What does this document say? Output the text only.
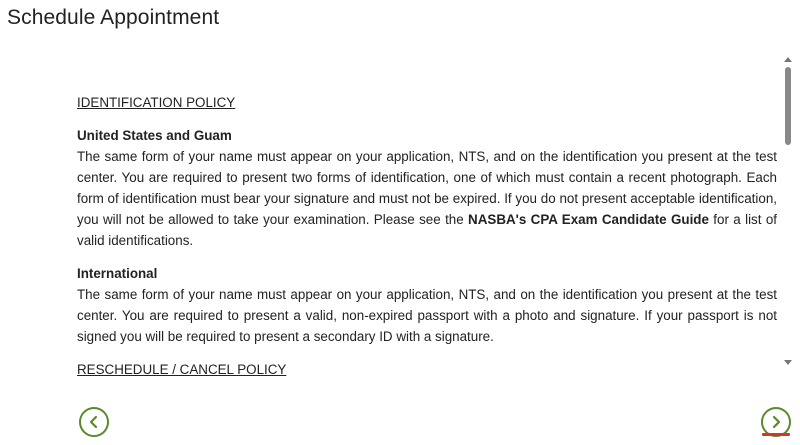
Schedule Appointment
IDENTIFICATION POLICY
United States and Guam

The same form of your name must appear on your application, NTS, and on the identification you present at the test center. You are required to present two forms of identification, one of which must contain a recent photograph. Each form of identification must bear your signature and must not be expired. If you do not present acceptable identification, you will not be allowed to take your examination. Please see the NASBA's CPA Exam Candidate Guide for a list of valid identifications.

International

The same form of your name must appear on your application, NTS, and on the identification you present at the test center. You are required to present a valid, non-expired passport with a photo and signature. If your passport is not signed you will be required to present a secondary ID with a signature.

RESCHEDULE / CANCEL POLICY
